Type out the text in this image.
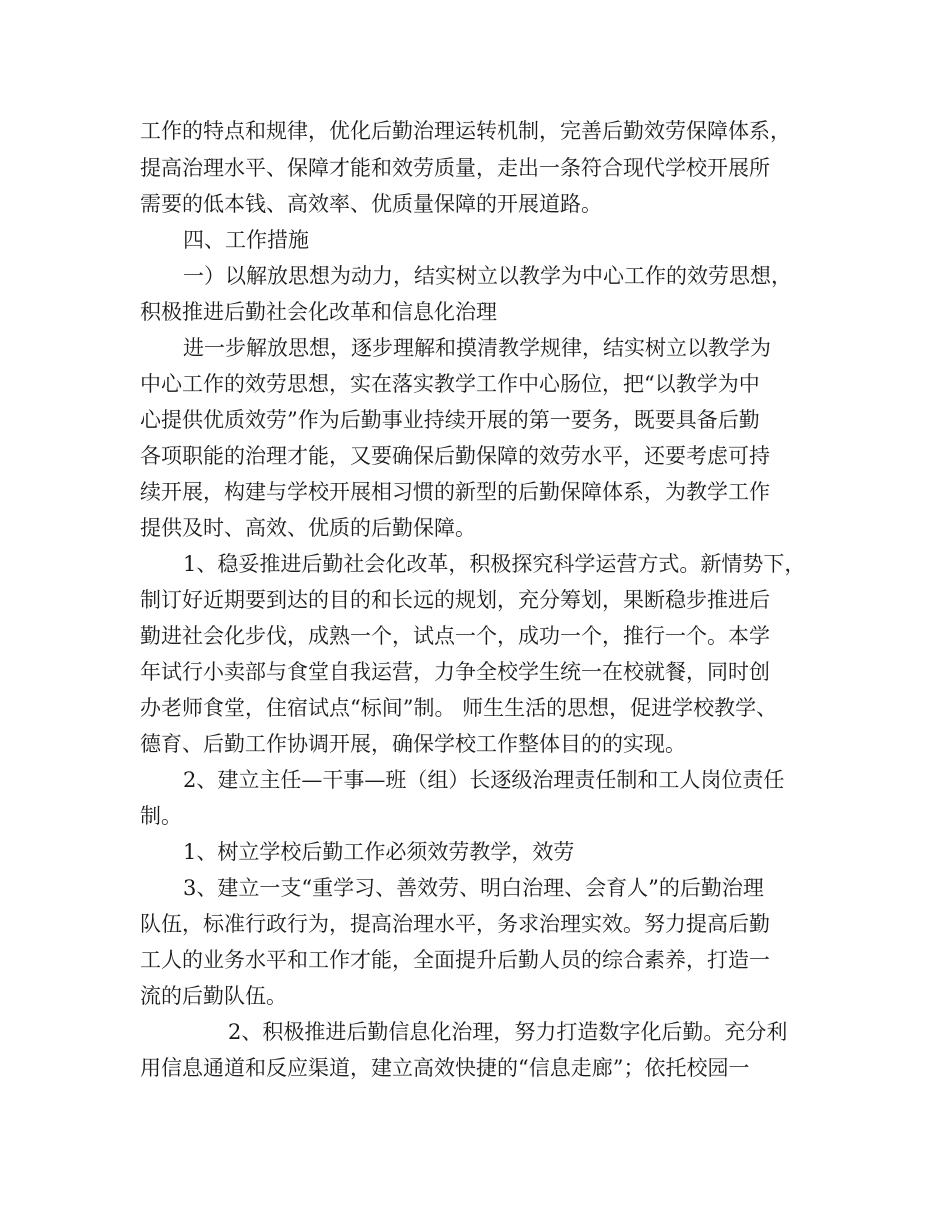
工作的特点和规律，优化后勤治理运转机制，完善后勤效劳保障体系，
提高治理水平、保障才能和效劳质量，走出一条符合现代学校开展所
需要的低本钱、高效率、优质量保障的开展道路。
四、工作措施
一）以解放思想为动力，结实树立以教学为中心工作的效劳思想，
积极推进后勤社会化改革和信息化治理
进一步解放思想，逐步理解和摸清教学规律，结实树立以教学为
中心工作的效劳思想，实在落实教学工作中心肠位，把“以教学为中
心提供优质效劳”作为后勤事业持续开展的第一要务，既要具备后勤
各项职能的治理才能，又要确保后勤保障的效劳水平，还要考虑可持
续开展，构建与学校开展相习惯的新型的后勤保障体系，为教学工作
提供及时、高效、优质的后勤保障。
1、稳妥推进后勤社会化改革，积极探究科学运营方式。新情势下，
制订好近期要到达的目的和长远的规划，充分筹划，果断稳步推进后
勤进社会化步伐，成熟一个，试点一个，成功一个，推行一个。本学
年试行小卖部与食堂自我运营，力争全校学生统一在校就餐，同时创
办老师食堂，住宿试点“标间”制。 师生生活的思想，促进学校教学、
德育、后勤工作协调开展，确保学校工作整体目的的实现。
2、建立主任—干事—班（组）长逐级治理责任制和工人岗位责任
制。
1、树立学校后勤工作必须效劳教学，效劳
3、建立一支“重学习、善效劳、明白治理、会育人”的后勤治理
队伍，标准行政行为，提高治理水平，务求治理实效。努力提高后勤
工人的业务水平和工作才能，全面提升后勤人员的综合素养，打造一
流的后勤队伍。
2、积极推进后勤信息化治理，努力打造数字化后勤。充分利
用信息通道和反应渠道，建立高效快捷的“信息走廊”；依托校园一
